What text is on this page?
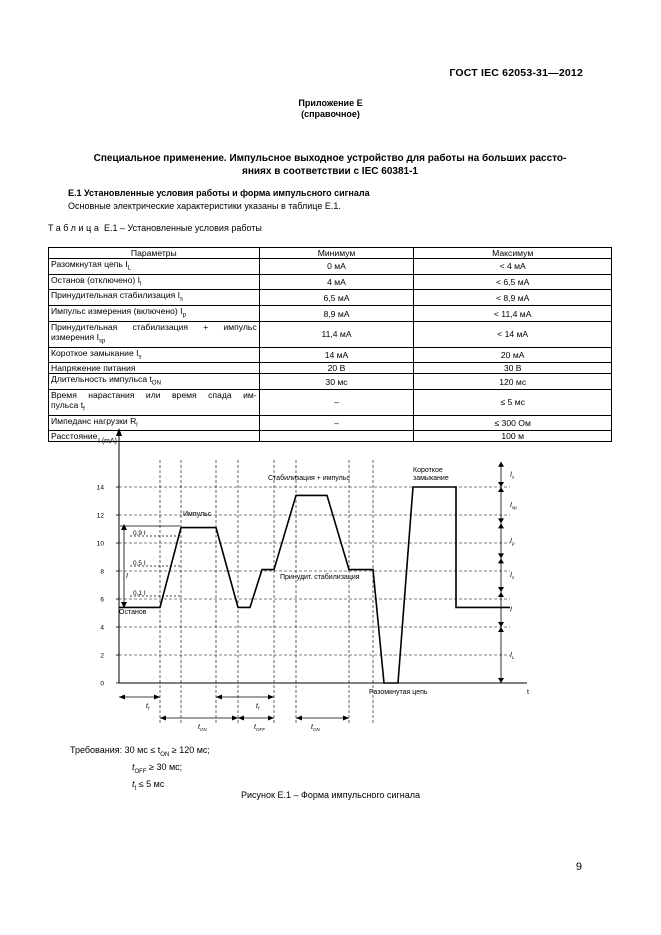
ГОСТ IEC 62053-31—2012
Приложение Е
(справочное)
Специальное применение. Импульсное выходное устройство для работы на больших рассто-
яниях в соответствии с IEC 60381-1
Е.1 Установленные условия работы и форма импульсного сигнала
Основные электрические характеристики указаны в таблице Е.1.
Таблица Е.1 – Установленные условия работы
Параметры	Минимум	Максимум
Разомкнутая цепь $I_L$	0 мА	< 4 мА
Останов (отключено) $I_l$	4 мА	< 6,5 мА
Принудительная стабилизация $I_s$	6,5 мА	< 8,9 мА
Импульс измерения (включено) $I_p$	8,9 мА	< 11,4 мА

Принудительная стабилизация + импульс
измерения $I_{sp}$	11,4 мА	< 14 мА
Короткое замыкание $I_s$	14 мА	20 мА
Напряжение питания	20 В	30 В
Длительность импульса $t_{ON}$	30 мс	120 мс

Время нарастания или время спада им-
пульса $t_f$	–	≤ 5 мс
Импеданс нагрузки $R_l$	–	≤ 300 Ом
Расстояние		100 м
I (mA)
t
0
2
4
6
8
10
12
14
0,9 I
0,5 I
0,1 I
I
Импульс
Останов
Стабилизация + импульс
Принудит. стабилизация
Короткое
замыкание
Разомкнутая цепь
$I_s$
$I_{sp}$
$I_p$
$I_s$
I
$I_L$
$t_f$	$t_f$
$t_{ON}$	$t_{OFF}$	$t_{ON}$
Требования: 30 мс ≤ $t_{ON} \ge 120$ мс;
$t_{OFF} \ge 30$ мс;
$t_f \le 5$ мс
Рисунок Е.1 – Форма импульсного сигнала
9
